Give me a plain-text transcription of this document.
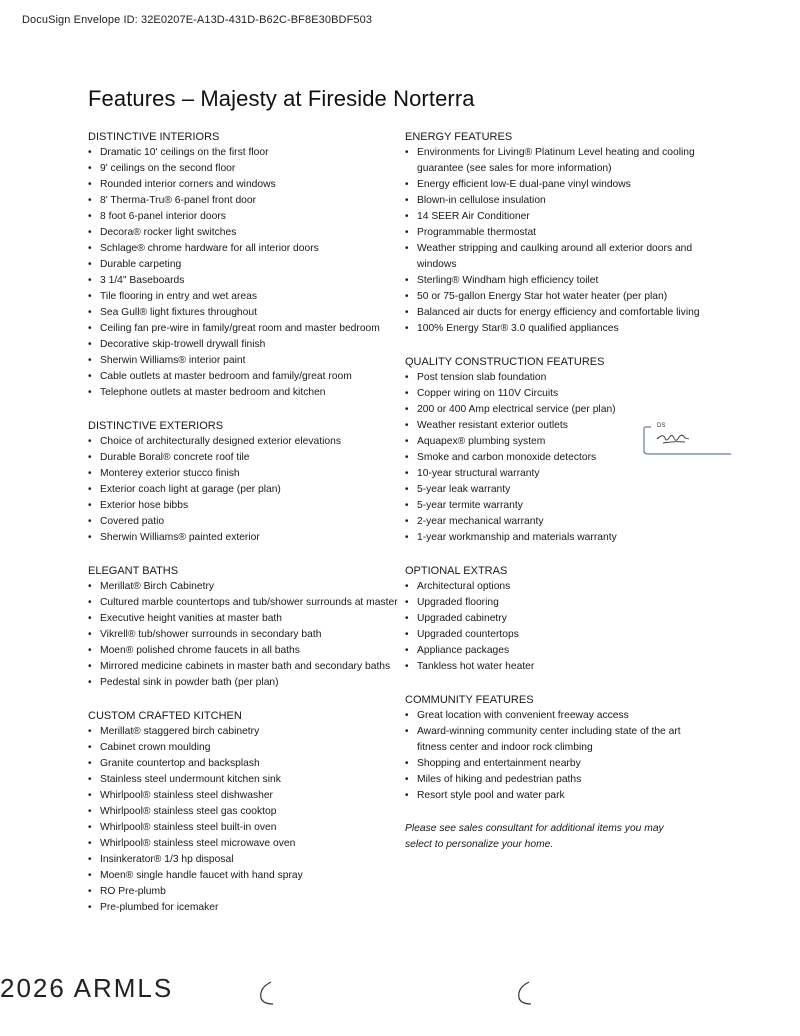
DocuSign Envelope ID: 32E0207E-A13D-431D-B62C-BF8E30BDF503
Features – Majesty at Fireside Norterra
DISTINCTIVE INTERIORS
• Dramatic 10' ceilings on the first floor
• 9' ceilings on the second floor
• Rounded interior corners and windows
• 8' Therma-Tru® 6-panel front door
• 8 foot 6-panel interior doors
• Decora® rocker light switches
• Schlage® chrome hardware for all interior doors
• Durable carpeting
• 3 1/4" Baseboards
• Tile flooring in entry and wet areas
• Sea Gull® light fixtures throughout
• Ceiling fan pre-wire in family/great room and master bedroom
• Decorative skip-trowell drywall finish
• Sherwin Williams® interior paint
• Cable outlets at master bedroom and family/great room
• Telephone outlets at master bedroom and kitchen
DISTINCTIVE EXTERIORS
• Choice of architecturally designed exterior elevations
• Durable Boral® concrete roof tile
• Monterey exterior stucco finish
• Exterior coach light at garage (per plan)
• Exterior hose bibbs
• Covered patio
• Sherwin Williams® painted exterior
ELEGANT BATHS
• Merillat® Birch Cabinetry
• Cultured marble countertops and tub/shower surrounds at master
• Executive height vanities at master bath
• Vikrell® tub/shower surrounds in secondary bath
• Moen® polished chrome faucets in all baths
• Mirrored medicine cabinets in master bath and secondary baths
• Pedestal sink in powder bath (per plan)
CUSTOM CRAFTED KITCHEN
• Merillat® staggered birch cabinetry
• Cabinet crown moulding
• Granite countertop and backsplash
• Stainless steel undermount kitchen sink
• Whirlpool® stainless steel dishwasher
• Whirlpool® stainless steel gas cooktop
• Whirlpool® stainless steel built-in oven
• Whirlpool® stainless steel microwave oven
• Insinkerator® 1/3 hp disposal
• Moen® single handle faucet with hand spray
• RO Pre-plumb
• Pre-plumbed for icemaker
ENERGY FEATURES
• Environments for Living® Platinum Level heating and cooling guarantee (see sales for more information)
• Energy efficient low-E dual-pane vinyl windows
• Blown-in cellulose insulation
• 14 SEER Air Conditioner
• Programmable thermostat
• Weather stripping and caulking around all exterior doors and windows
• Sterling® Windham high efficiency toilet
• 50 or 75-gallon Energy Star hot water heater (per plan)
• Balanced air ducts for energy efficiency and comfortable living
• 100% Energy Star® 3.0 qualified appliances
QUALITY CONSTRUCTION FEATURES
• Post tension slab foundation
• Copper wiring on 110V Circuits
• 200 or 400 Amp electrical service (per plan)
• Weather resistant exterior outlets
• Aquapex® plumbing system
• Smoke and carbon monoxide detectors
• 10-year structural warranty
• 5-year leak warranty
• 5-year termite warranty
• 2-year mechanical warranty
• 1-year workmanship and materials warranty
OPTIONAL EXTRAS
• Architectural options
• Upgraded flooring
• Upgraded cabinetry
• Upgraded countertops
• Appliance packages
• Tankless hot water heater
COMMUNITY FEATURES
• Great location with convenient freeway access
• Award-winning community center including state of the art fitness center and indoor rock climbing
• Shopping and entertainment nearby
• Miles of hiking and pedestrian paths
• Resort style pool and water park

Please see sales consultant for additional items you may select to personalize your home.

DS
2026 ARMLS
